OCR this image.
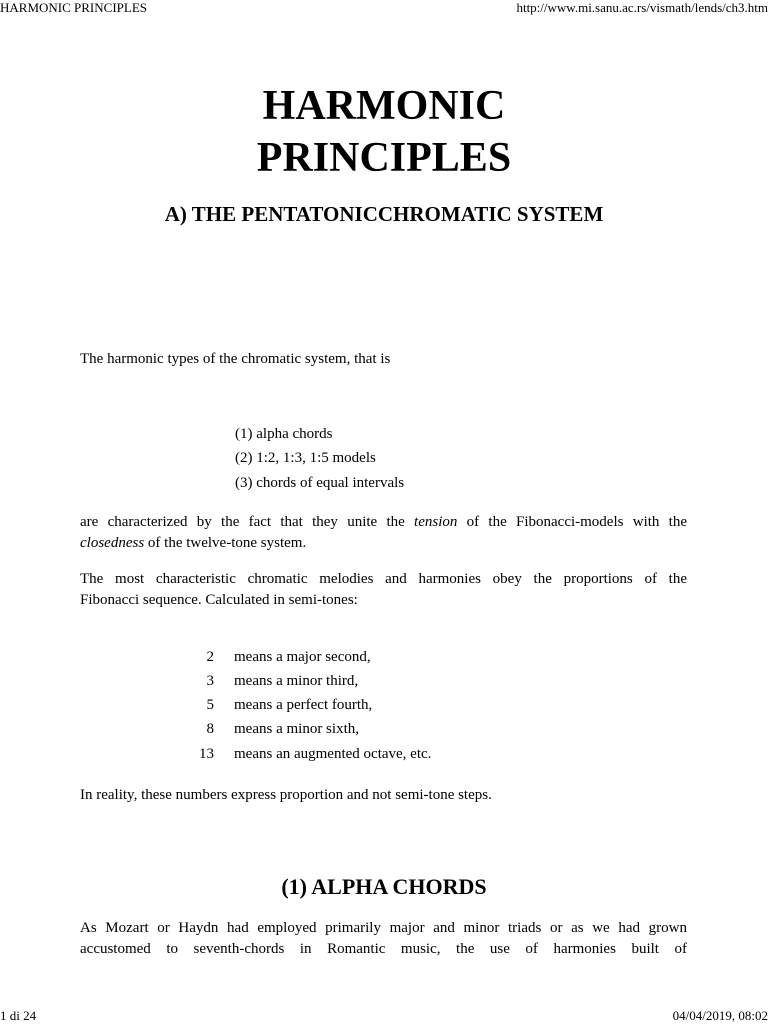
HARMONIC PRINCIPLES	http://www.mi.sanu.ac.rs/vismath/lends/ch3.htm
HARMONIC
PRINCIPLES
A) THE PENTATONICCHROMATIC SYSTEM
The harmonic types of the chromatic system, that is
(1) alpha chords
(2) 1:2, 1:3, 1:5 models
(3) chords of equal intervals
are characterized by the fact that they unite the tension of the Fibonacci-models with the
closedness of the twelve-tone system.
The most characteristic chromatic melodies and harmonies obey the proportions of the
Fibonacci sequence. Calculated in semi-tones:
2 means a major second,
3 means a minor third,
5 means a perfect fourth,
8 means a minor sixth,
13 means an augmented octave, etc.
In reality, these numbers express proportion and not semi-tone steps.
(1) ALPHA CHORDS
As Mozart or Haydn had employed primarily major and minor triads or as we had grown
accustomed to seventh-chords in Romantic music, the use of harmonies built of
1 di 24	04/04/2019, 08:02
